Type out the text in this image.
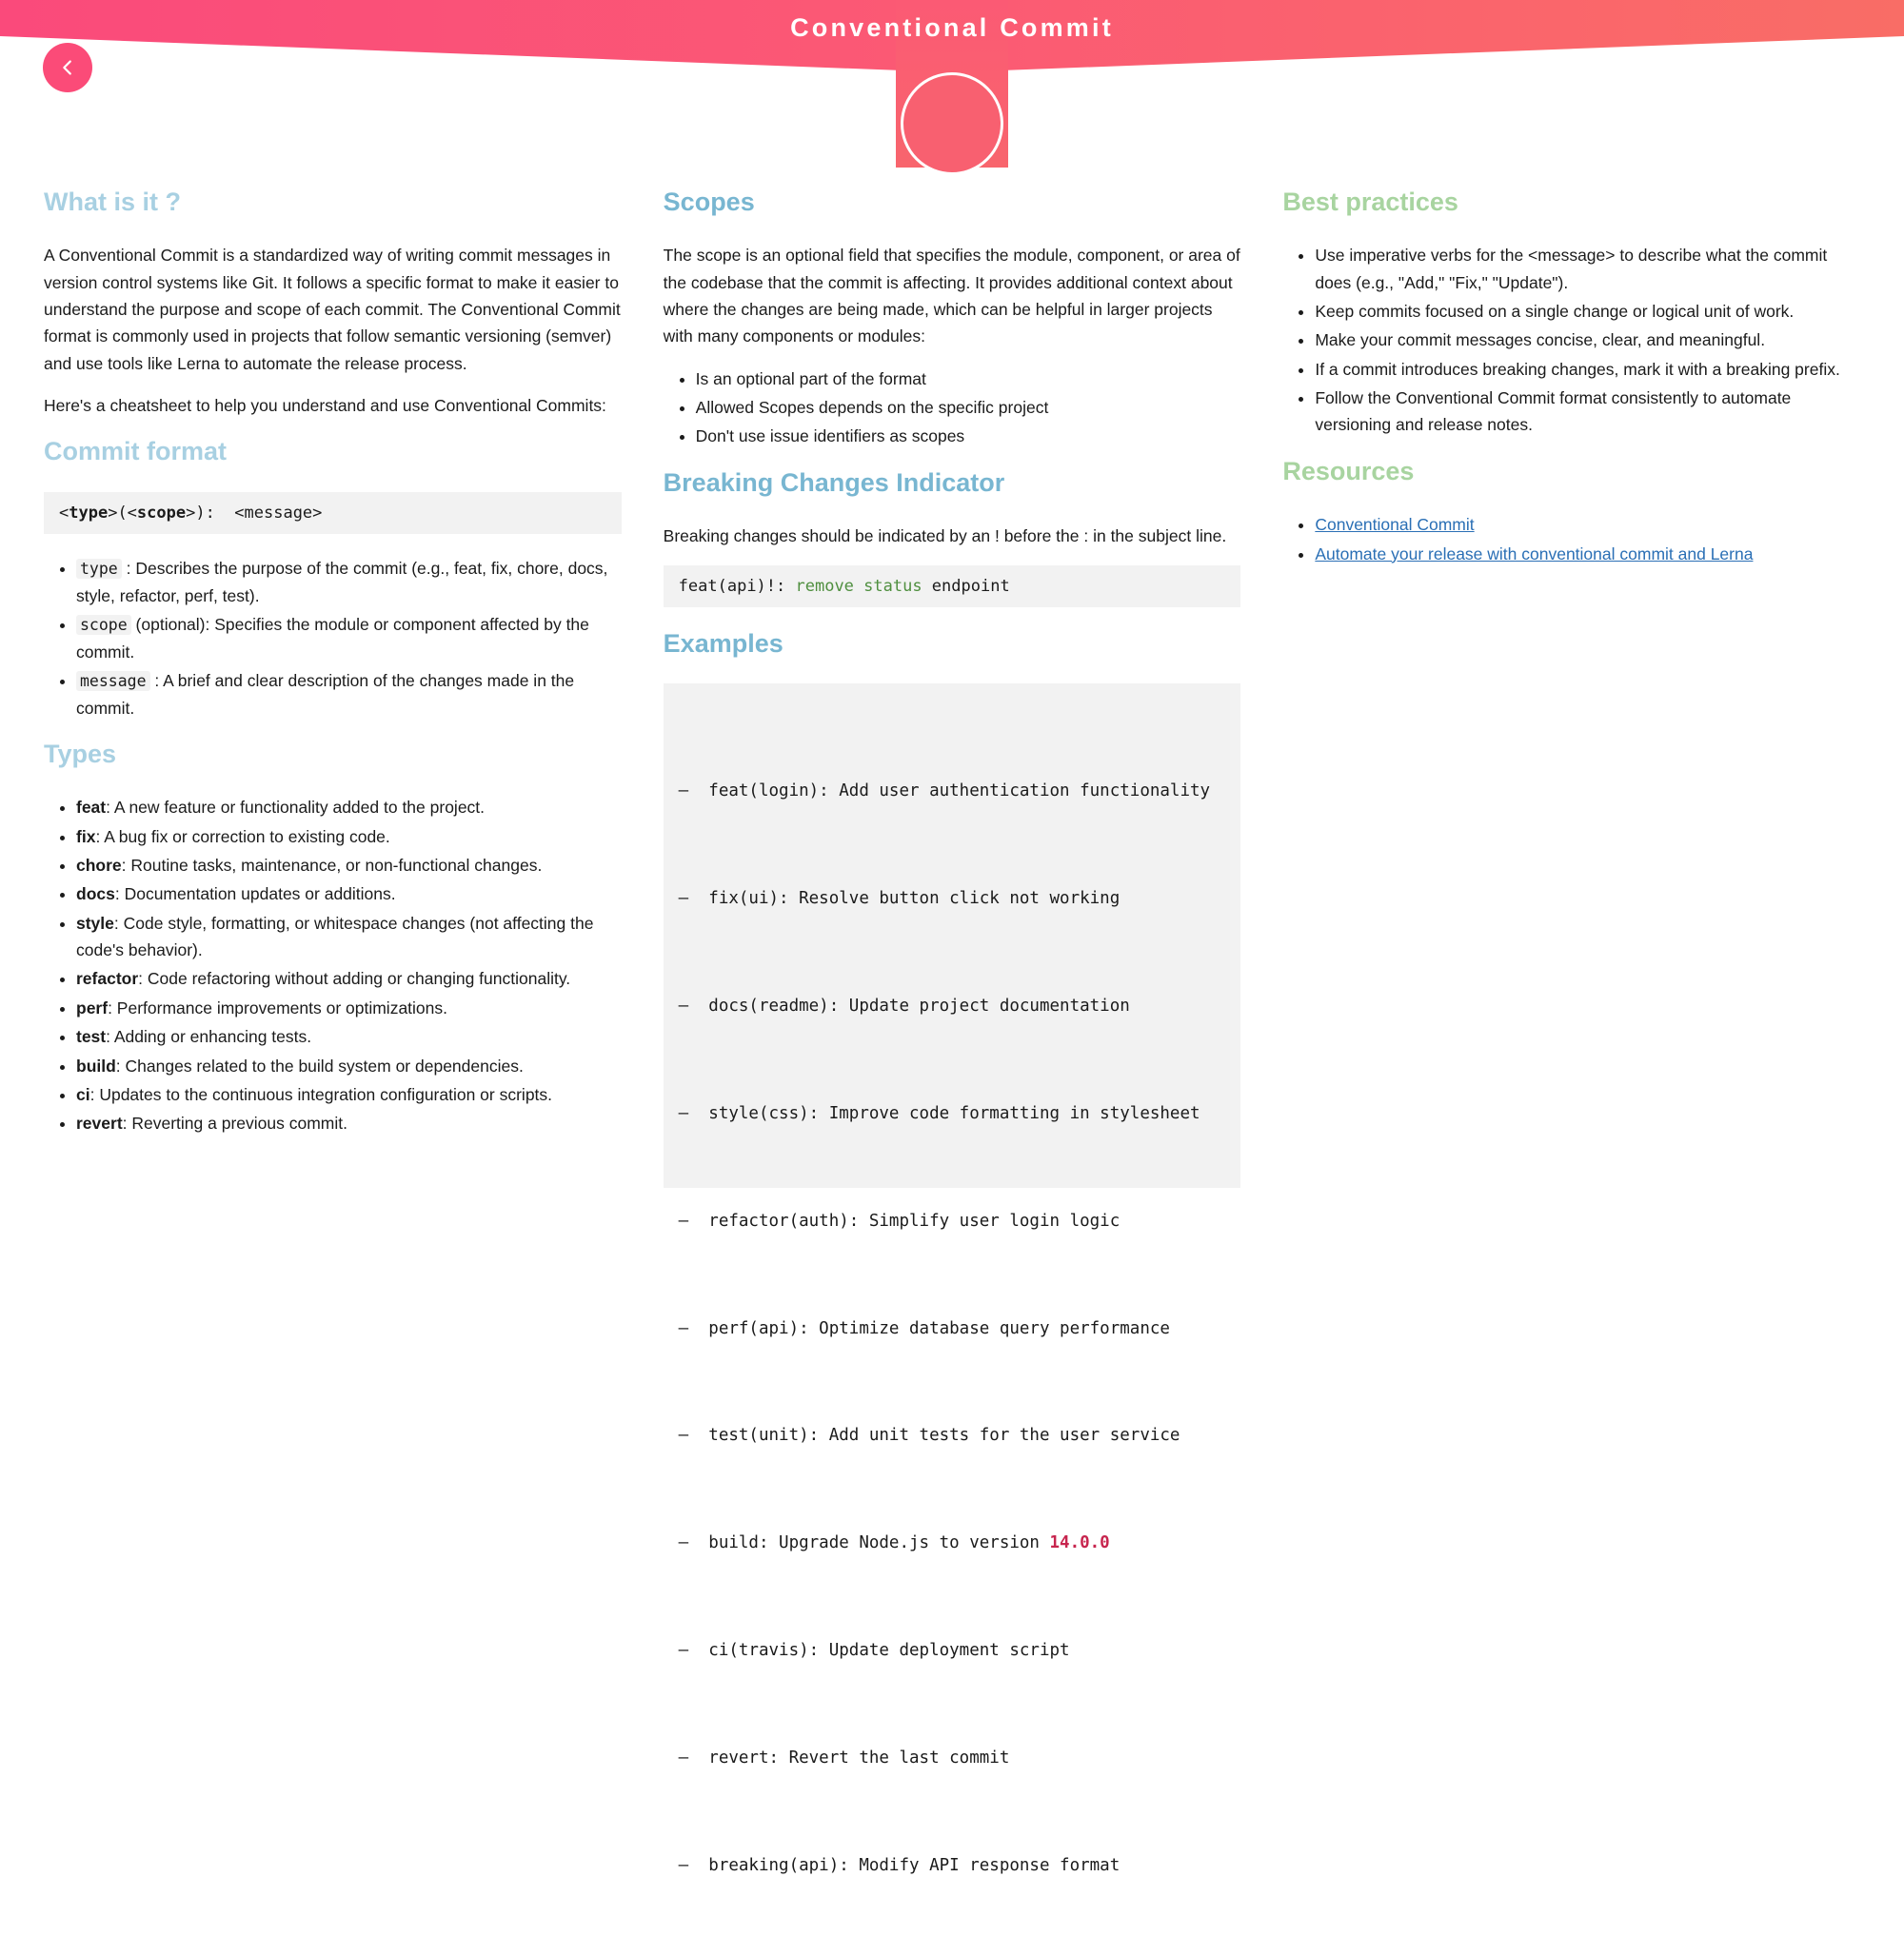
Conventional Commit
What is it ?

A Conventional Commit is a standardized way of writing commit messages in version control systems like Git. It follows a specific format to make it easier to understand the purpose and scope of each commit. The Conventional Commit format is commonly used in projects that follow semantic versioning (semver) and use tools like Lerna to automate the release process.

Here's a cheatsheet to help you understand and use Conventional Commits:

Commit format
<type>(<scope>):  <message>
• type : Describes the purpose of the commit (e.g., feat, fix, chore, docs, style, refactor, perf, test).
• scope (optional): Specifies the module or component affected by the commit.
• message : A brief and clear description of the changes made in the commit.
Types
• feat: A new feature or functionality added to the project.
• fix: A bug fix or correction to existing code.
• chore: Routine tasks, maintenance, or non-functional changes.
• docs: Documentation updates or additions.
• style: Code style, formatting, or whitespace changes (not affecting the code's behavior).
• refactor: Code refactoring without adding or changing functionality.
• perf: Performance improvements or optimizations.
• test: Adding or enhancing tests.
• build: Changes related to the build system or dependencies.
• ci: Updates to the continuous integration configuration or scripts.
• revert: Reverting a previous commit.
Scopes

The scope is an optional field that specifies the module, component, or area of the codebase that the commit is affecting. It provides additional context about where the changes are being made, which can be helpful in larger projects with many components or modules:

• Is an optional part of the format
• Allowed Scopes depends on the specific project
• Don't use issue identifiers as scopes
Breaking Changes Indicator

Breaking changes should be indicated by an ! before the : in the subject line.

feat(api)!: remove status endpoint
Examples

–  feat(login): Add user authentication functionality

–  fix(ui): Resolve button click not working

–  docs(readme): Update project documentation

–  style(css): Improve code formatting in stylesheet

–  refactor(auth): Simplify user login logic

–  perf(api): Optimize database query performance

–  test(unit): Add unit tests for the user service

–  build: Upgrade Node.js to version 14.0.0

–  ci(travis): Update deployment script

–  revert: Revert the last commit

–  breaking(api): Modify API response format

Best practices
• Use imperative verbs for the <message> to describe what the commit does (e.g., "Add," "Fix," "Update").
• Keep commits focused on a single change or logical unit of work.
• Make your commit messages concise, clear, and meaningful.
• If a commit introduces breaking changes, mark it with a breaking prefix.
• Follow the Conventional Commit format consistently to automate versioning and release notes.
Resources
• Conventional Commit
• Automate your release with conventional commit and Lerna
